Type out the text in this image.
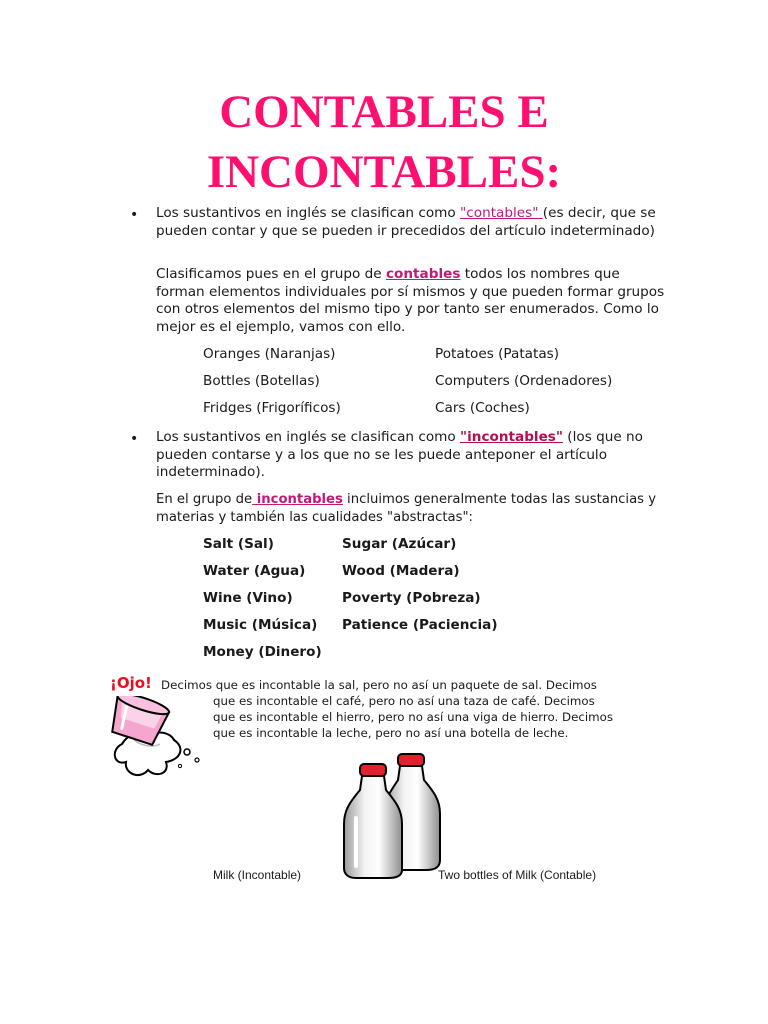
CONTABLES E
INCONTABLES:
• Los sustantivos en inglés se clasifican como "contables" (es decir, que se pueden contar y que se pueden ir precedidos del artículo indeterminado)

Clasificamos pues en el grupo de contables todos los nombres que forman elementos individuales por sí mismos y que pueden formar grupos con otros elementos del mismo tipo y por tanto ser enumerados. Como lo mejor es el ejemplo, vamos con ello.

Oranges (Naranjas)	Potatoes (Patatas)
Bottles (Botellas)	Computers (Ordenadores)
Fridges (Frigoríficos)	Cars (Coches)
• Los sustantivos en inglés se clasifican como "incontables" (los que no pueden contarse y a los que no se les puede anteponer el artículo indeterminado).

En el grupo de incontables incluimos generalmente todas las sustancias y materias y también las cualidades "abstractas":

Salt (Sal)	Sugar (Azúcar)
Water (Agua)	Wood (Madera)
Wine (Vino)	Poverty (Pobreza)
Music (Música) Patience (Paciencia)
Money (Dinero)
¡Ojo! Decimos que es incontable la sal, pero no así un paquete de sal. Decimos
que es incontable el café, pero no así una taza de café. Decimos
que es incontable el hierro, pero no así una viga de hierro. Decimos
que es incontable la leche, pero no así una botella de leche.
Milk (Incontable)	Two bottles of Milk (Contable)
